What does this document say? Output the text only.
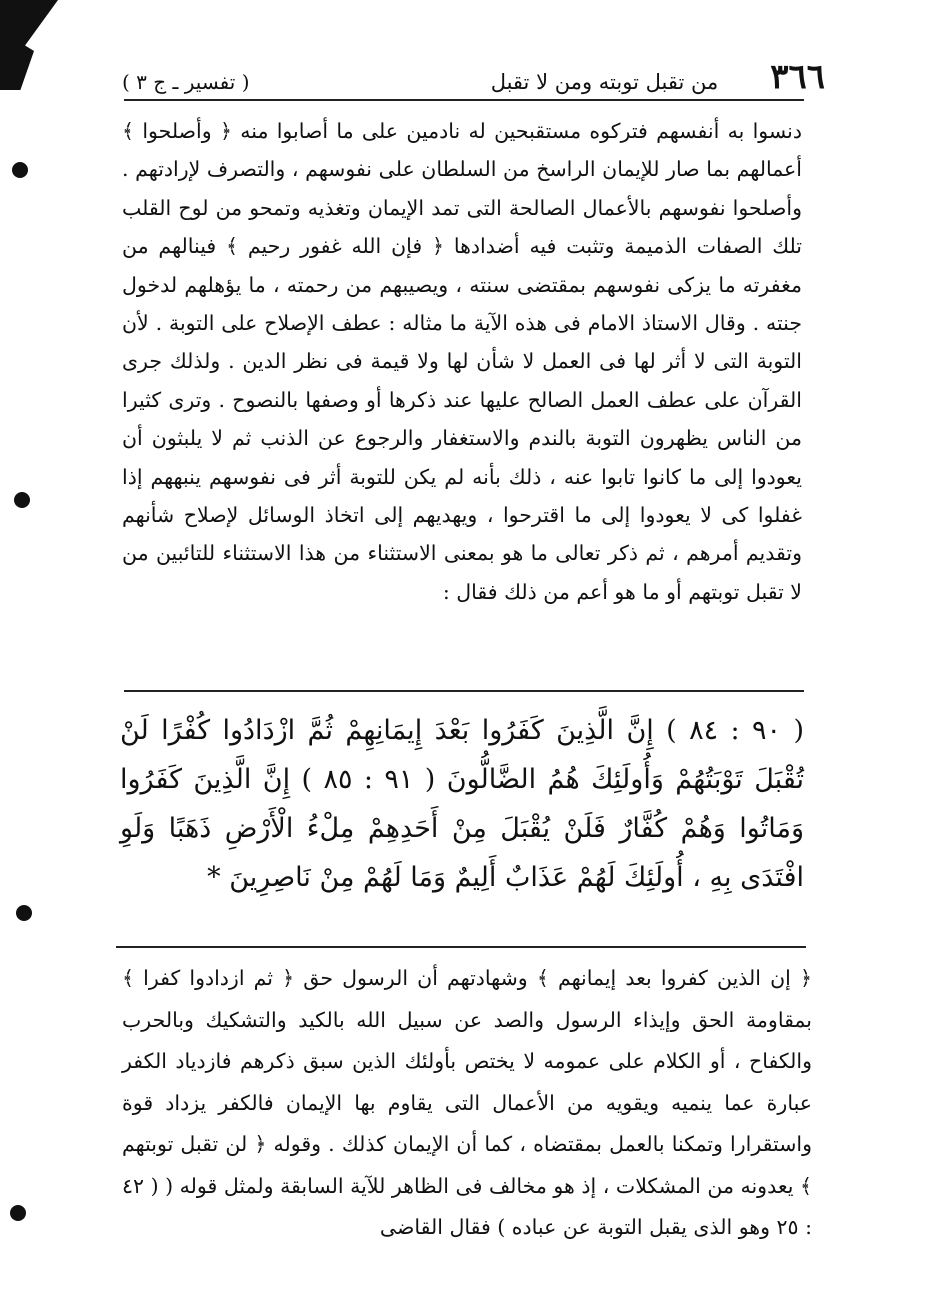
٣٦٦
من تقبل توبته ومن لا تقبل
( تفسير ـ ج ٣ )

دنسوا به أنفسهم فتركوه مستقبحين له نادمين على ما أصابوا منه ﴿ وأصلحوا ﴾ أعمالهم بما صار للإيمان الراسخ من السلطان على نفوسهم ، والتصرف لإرادتهم . وأصلحوا نفوسهم بالأعمال الصالحة التى تمد الإيمان وتغذيه وتمحو من لوح القلب تلك الصفات الذميمة وتثبت فيه أضدادها ﴿ فإن الله غفور رحيم ﴾ فينالهم من مغفرته ما يزكى نفوسهم بمقتضى سنته ، ويصيبهم من رحمته ، ما يؤهلهم لدخول جنته . وقال الاستاذ الامام فى هذه الآية ما مثاله : عطف الإصلاح على التوبة . لأن التوبة التى لا أثر لها فى العمل لا شأن لها ولا قيمة فى نظر الدين . ولذلك جرى القرآن على عطف العمل الصالح عليها عند ذكرها أو وصفها بالنصوح . وترى كثيرا من الناس يظهرون التوبة بالندم والاستغفار والرجوع عن الذنب ثم لا يلبثون أن يعودوا إلى ما كانوا تابوا عنه ، ذلك بأنه لم يكن للتوبة أثر فى نفوسهم ينبههم إذا غفلوا كى لا يعودوا إلى ما اقترحوا ، ويهديهم إلى اتخاذ الوسائل لإصلاح شأنهم وتقديم أمرهم ، ثم ذكر تعالى ما هو بمعنى الاستثناء من هذا الاستثناء للتائبين من لا تقبل توبتهم أو ما هو أعم من ذلك فقال :

( ٩٠ : ٨٤ ) إِنَّ الَّذِينَ كَفَرُوا بَعْدَ إِيمَانِهِمْ ثُمَّ ازْدَادُوا كُفْرًا لَنْ تُقْبَلَ تَوْبَتُهُمْ وَأُولَئِكَ هُمُ الضَّالُّونَ ( ٩١ : ٨٥ ) إِنَّ الَّذِينَ كَفَرُوا وَمَاتُوا وَهُمْ كُفَّارٌ فَلَنْ يُقْبَلَ مِنْ أَحَدِهِمْ مِلْءُ الْأَرْضِ ذَهَبًا وَلَوِ افْتَدَى بِهِ ، أُولَئِكَ لَهُمْ عَذَابٌ أَلِيمٌ وَمَا لَهُمْ مِنْ نَاصِرِينَ *

﴿ إن الذين كفروا بعد إيمانهم ﴾ وشهادتهم أن الرسول حق ﴿ ثم ازدادوا كفرا ﴾ بمقاومة الحق وإيذاء الرسول والصد عن سبيل الله بالكيد والتشكيك وبالحرب والكفاح ، أو الكلام على عمومه لا يختص بأولئك الذين سبق ذكرهم فازدياد الكفر عبارة عما ينميه ويقويه من الأعمال التى يقاوم بها الإيمان فالكفر يزداد قوة واستقرارا وتمكنا بالعمل بمقتضاه ، كما أن الإيمان كذلك . وقوله ﴿ لن تقبل توبتهم ﴾ يعدونه من المشكلات ، إذ هو مخالف فى الظاهر للآية السابقة ولمثل قوله ( ( ٤٢ : ٢٥ وهو الذى يقبل التوبة عن عباده ) فقال القاضى
